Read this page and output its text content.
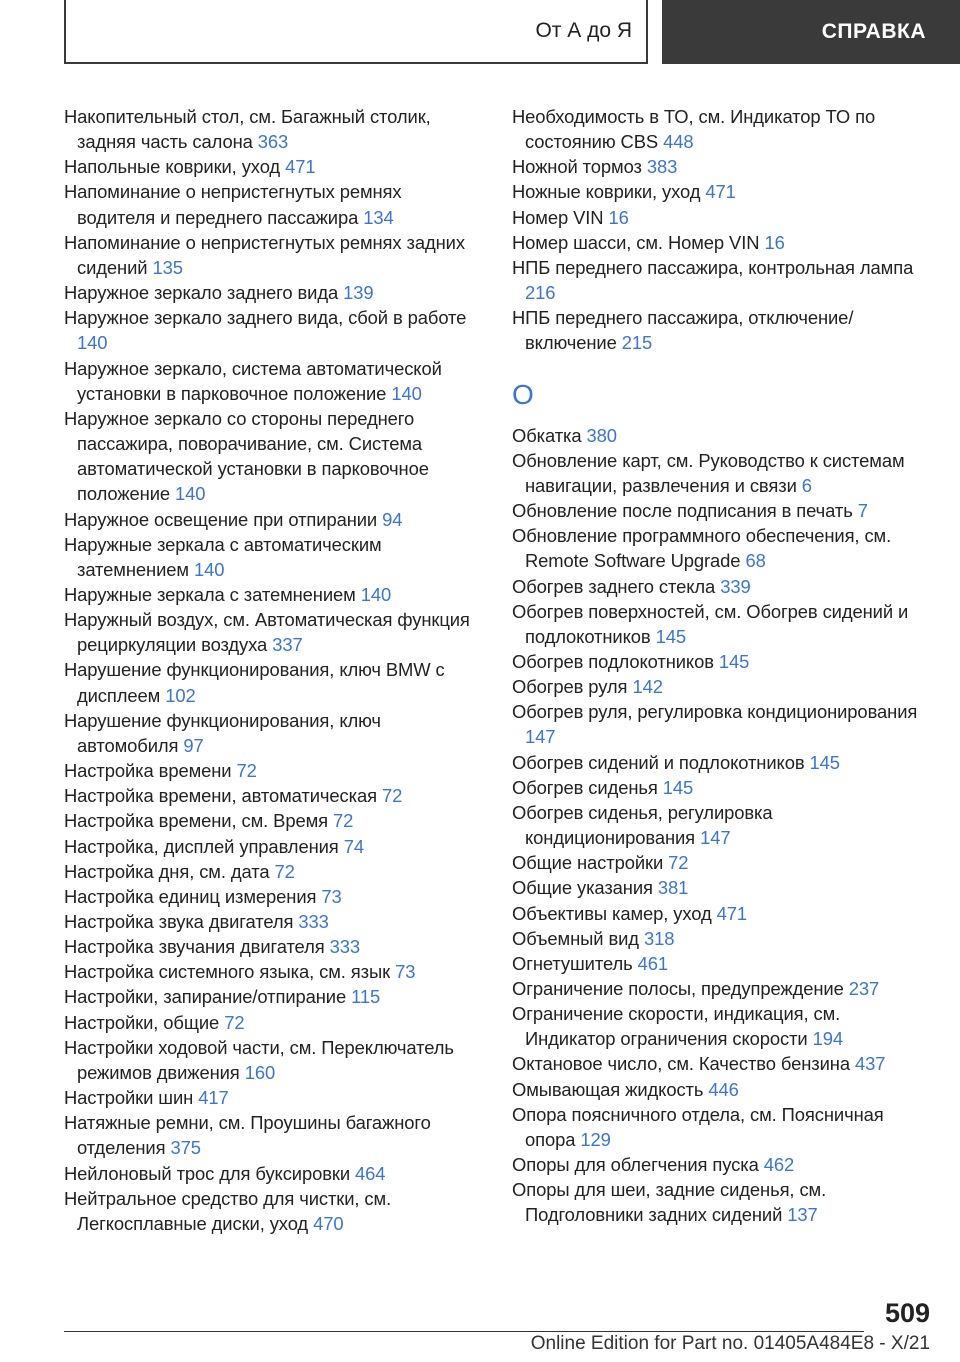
От А до Я	СПРАВКА
Накопительный стол, см. Багажный столик, задняя часть салона 363
Напольные коврики, уход 471
Напоминание о непристегнутых ремнях водителя и переднего пассажира 134
Напоминание о непристегнутых ремнях задних сидений 135
Наружное зеркало заднего вида 139
Наружное зеркало заднего вида, сбой в работе 140
Наружное зеркало, система автоматической установки в парковочное положение 140
Наружное зеркало со стороны переднего пассажира, поворачивание, см. Система автоматической установки в парковочное положение 140
Наружное освещение при отпирании 94
Наружные зеркала с автоматическим затемнением 140
Наружные зеркала с затемнением 140
Наружный воздух, см. Автоматическая функция рециркуляции воздуха 337
Нарушение функционирования, ключ BMW с дисплеем 102
Нарушение функционирования, ключ автомобиля 97
Настройка времени 72
Настройка времени, автоматическая 72
Настройка времени, см. Время 72
Настройка, дисплей управления 74
Настройка дня, см. дата 72
Настройка единиц измерения 73
Настройка звука двигателя 333
Настройка звучания двигателя 333
Настройка системного языка, см. язык 73
Настройки, запирание/отпирание 115
Настройки, общие 72
Настройки ходовой части, см. Переключатель режимов движения 160
Настройки шин 417
Натяжные ремни, см. Проушины багажного отделения 375
Нейлоновый трос для буксировки 464
Нейтральное средство для чистки, см. Легкосплавные диски, уход 470
Необходимость в ТО, см. Индикатор ТО по состоянию CBS 448
Ножной тормоз 383
Ножные коврики, уход 471
Номер VIN 16
Номер шасси, см. Номер VIN 16
НПБ переднего пассажира, контрольная лампа 216
НПБ переднего пассажира, отключение/включение 215
O
Обкатка 380
Обновление карт, см. Руководство к системам навигации, развлечения и связи 6
Обновление после подписания в печать 7
Обновление программного обеспечения, см. Remote Software Upgrade 68
Обогрев заднего стекла 339
Обогрев поверхностей, см. Обогрев сидений и подлокотников 145
Обогрев подлокотников 145
Обогрев руля 142
Обогрев руля, регулировка кондиционирования 147
Обогрев сидений и подлокотников 145
Обогрев сиденья 145
Обогрев сиденья, регулировка кондиционирования 147
Общие настройки 72
Общие указания 381
Объективы камер, уход 471
Объемный вид 318
Огнетушитель 461
Ограничение полосы, предупреждение 237
Ограничение скорости, индикация, см. Индикатор ограничения скорости 194
Октановое число, см. Качество бензина 437
Омывающая жидкость 446
Опора поясничного отдела, см. Поясничная опора 129
Опоры для облегчения пуска 462
Опоры для шеи, задние сиденья, см. Подголовники задних сидений 137
509
Online Edition for Part no. 01405A484E8 - X/21
